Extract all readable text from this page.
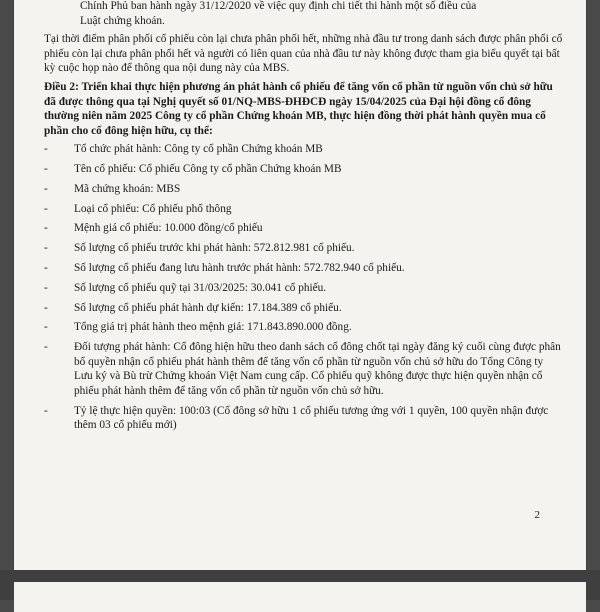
Chính Phủ ban hành ngày 31/12/2020 về việc quy định chi tiết thi hành một số điều của

Luật chứng khoán.

Tại thời điểm phân phối cổ phiếu còn lại chưa phân phối hết, những nhà đầu tư trong danh sách được phân phối cổ phiếu còn lại chưa phân phối hết và người có liên quan của nhà đầu tư này không được tham gia biểu quyết tại bất kỳ cuộc họp nào để thông qua nội dung này của MBS.

Điều 2: Triển khai thực hiện phương án phát hành cổ phiếu để tăng vốn cổ phần từ nguồn vốn chủ sở hữu đã được thông qua tại Nghị quyết số 01/NQ-MBS-ĐHĐCĐ ngày 15/04/2025 của Đại hội đồng cổ đông thường niên năm 2025 Công ty cổ phần Chứng khoán MB, thực hiện đồng thời phát hành quyền mua cổ phần cho cổ đông hiện hữu, cụ thể:

- Tổ chức phát hành: Công ty cổ phần Chứng khoán MB
- Tên cổ phiếu: Cổ phiếu Công ty cổ phần Chứng khoán MB
- Mã chứng khoán: MBS
- Loại cổ phiếu: Cổ phiếu phổ thông
- Mệnh giá cổ phiếu: 10.000 đồng/cổ phiếu
- Số lượng cổ phiếu trước khi phát hành: 572.812.981 cổ phiếu.
- Số lượng cổ phiếu đang lưu hành trước phát hành: 572.782.940 cổ phiếu.
- Số lượng cổ phiếu quỹ tại 31/03/2025: 30.041 cổ phiếu.
- Số lượng cổ phiếu phát hành dự kiến: 17.184.389 cổ phiếu.
- Tổng giá trị phát hành theo mệnh giá: 171.843.890.000 đồng.
- Đối tượng phát hành: Cổ đông hiện hữu theo danh sách cổ đông chốt tại ngày đăng ký cuối cùng được phân bổ quyền nhận cổ phiếu phát hành thêm để tăng vốn cổ phần từ nguồn vốn chủ sở hữu do Tổng Công ty Lưu ký và Bù trừ Chứng khoán Việt Nam cung cấp. Cổ phiếu quỹ không được thực hiện quyền nhận cổ phiếu phát hành thêm để tăng vốn cổ phần từ nguồn vốn chủ sở hữu.
- Tỷ lệ thực hiện quyền: 100:03 (Cổ đông sở hữu 1 cổ phiếu tương ứng với 1 quyền, 100 quyền nhận được thêm 03 cổ phiếu mới)
2
